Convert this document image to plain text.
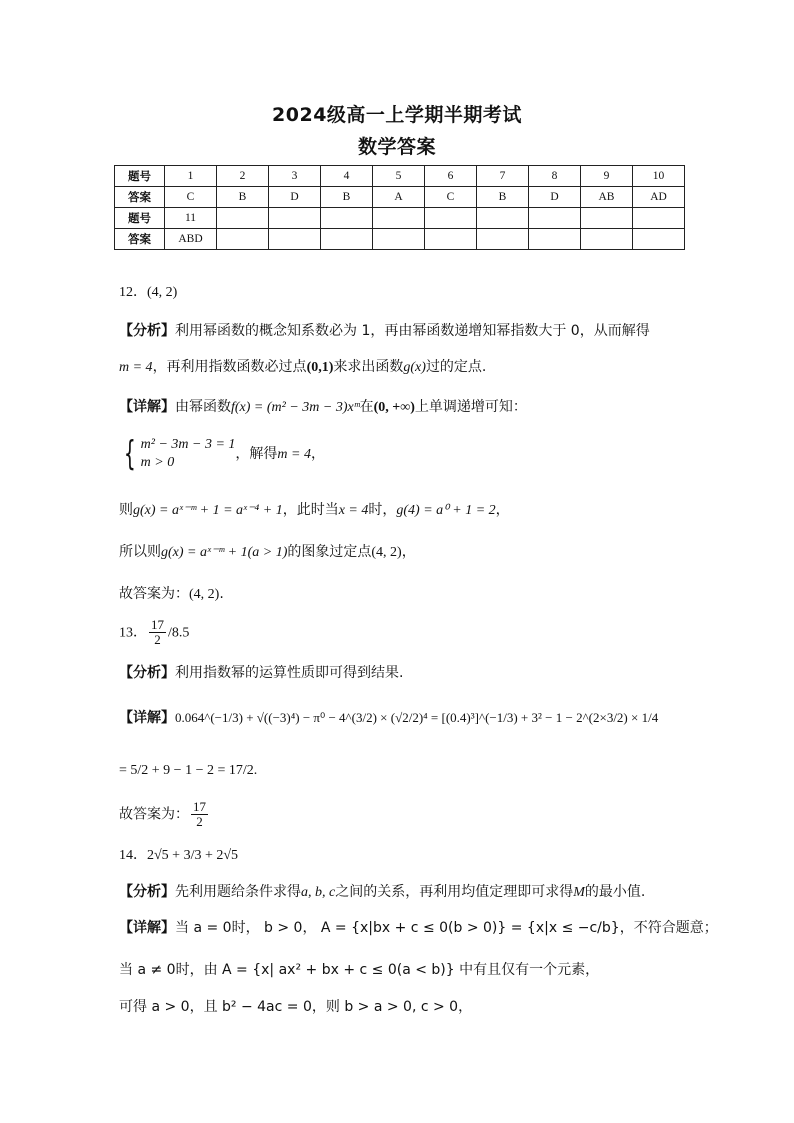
2024级高一上学期半期考试
数学答案
题号	1	2	3	4	5	6	7	8	9	10
答案	C	B	D	B	A	C	B	D	AB	AD
题号	11									
答案	ABD									
12．(4, 2)
【分析】利用幂函数的概念知系数必为 1，再由幂函数递增知幂指数大于 0，从而解得
m = 4，再利用指数函数必过点(0,1)来求出函数g(x)过的定点.
【详解】由幂函数f(x) = (m² − 3m − 3)xᵐ在(0, +∞)上单调递增可知：
{ m² − 3m − 3 = 1
m > 0
，解得m = 4，
则g(x) = aˣ⁻ᵐ + 1 = aˣ⁻⁴ + 1，此时当x = 4时，g(4) = a⁰ + 1 = 2，
所以则g(x) = aˣ⁻ᵐ + 1(a > 1)的图象过定点(4, 2)，
故答案为：(4, 2).
13． $\frac{17}{2} /8.5$
【分析】利用指数幂的运算性质即可得到结果.
【详解】0.064^(−1/3) + √((−3)⁴) − π⁰ − 4^(3/2) × (√2/2)⁴ = [(0.4)³]^(−1/3) + 3² − 1 − 2^(2×3/2) × 1/4
= 5/2 + 9 − 1 − 2 = 17/2.
故答案为： $\frac{17}{2}$
14．2√5 + 3/3 + 2√5
【分析】先利用题给条件求得a, b, c之间的关系，再利用均值定理即可求得M的最小值.
【详解】当 a = 0时， b > 0， A = {x|bx + c ≤ 0(b > 0)} = {x|x ≤ −c/b}，不符合题意；
当 a ≠ 0时，由 A = {x| ax² + bx + c ≤ 0(a < b)} 中有且仅有一个元素，
可得 a > 0，且 b² − 4ac = 0，则 b > a > 0, c > 0，
